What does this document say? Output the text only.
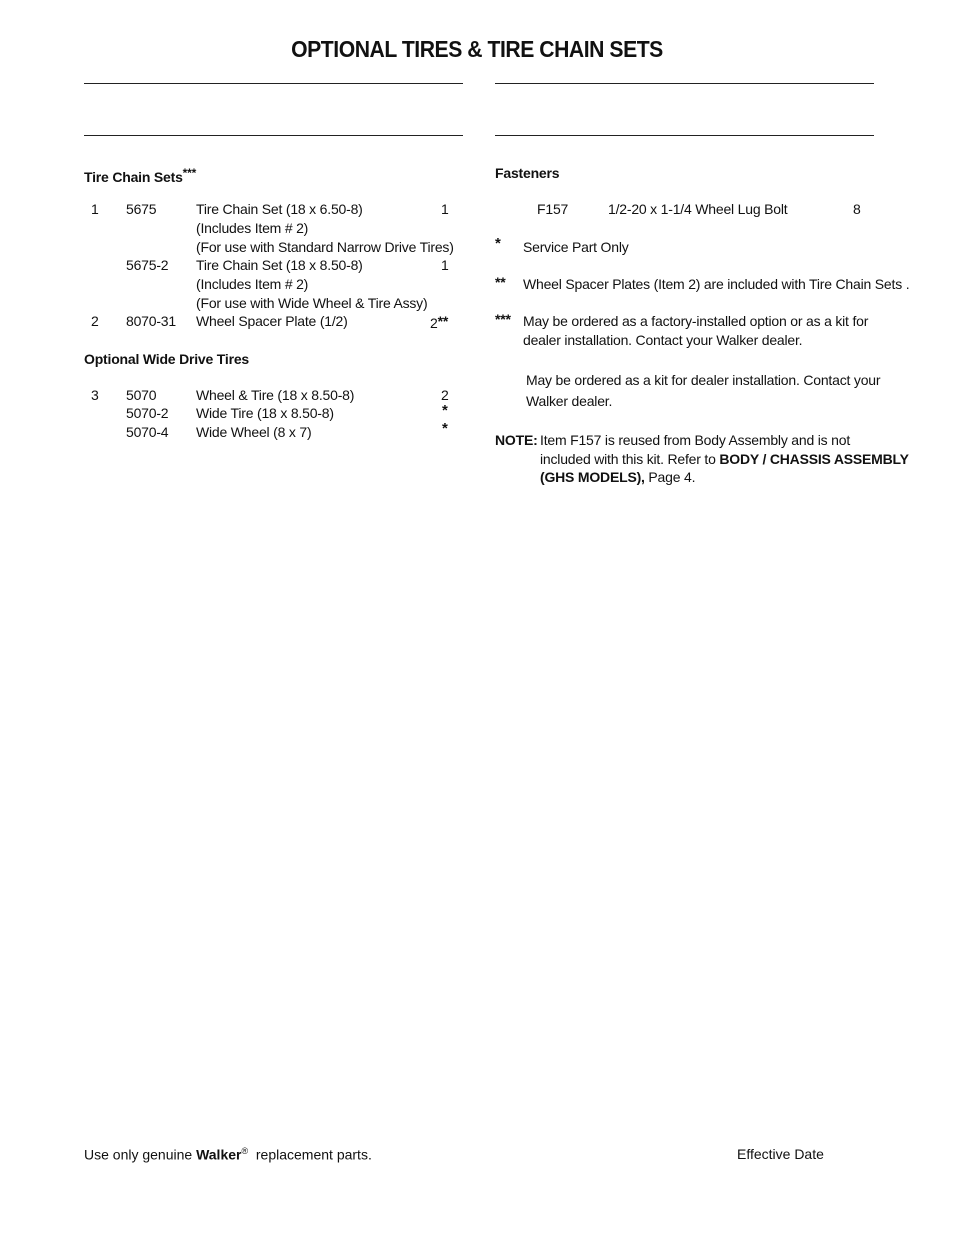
OPTIONAL TIRES & TIRE CHAIN SETS
Tire Chain Sets***
1 5675	Tire Chain Set (18 x 6.50-8)	1
(Includes Item # 2)
(For use with Standard Narrow Drive Tires)
5675-2 Tire Chain Set (18 x 8.50-8)	1
(Includes Item # 2)
(For use with Wide Wheel & Tire Assy)
2 8070-31 Wheel Spacer Plate (1/2)	2**
Optional Wide Drive Tires
3 5070	Wheel & Tire (18 x 8.50-8)	2
5070-2 Wide Tire (18 x 8.50-8)	*
5070-4 Wide Wheel (8 x 7)	*
Fasteners
F157	1/2-20 x 1-1/4 Wheel Lug Bolt	8
* Service Part Only
** Wheel Spacer Plates (Item 2) are included with Tire Chain Sets .
*** May be ordered as a factory-installed option or as a kit for
dealer installation. Contact your Walker dealer.
May be ordered as a kit for dealer installation. Contact your
Walker dealer.
NOTE: Item F157 is reused from Body Assembly and is not
included with this kit. Refer to BODY / CHASSIS ASSEMBLY
(GHS MODELS), Page 4.
Use only genuine Walker®  replacement parts.	Effective Date
